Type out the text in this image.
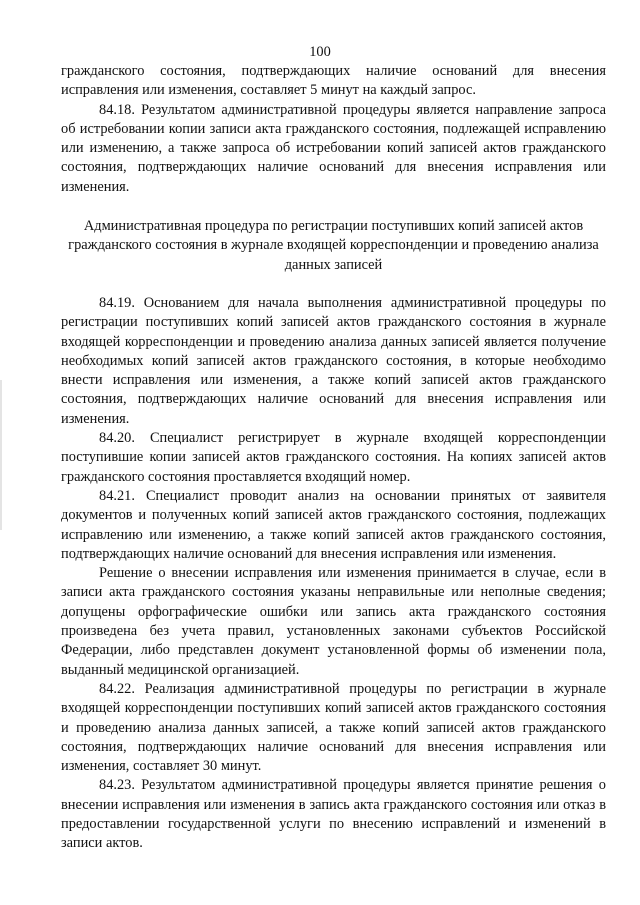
100

гражданского состояния, подтверждающих наличие оснований для внесения исправления или изменения, составляет 5 минут на каждый запрос.

84.18. Результатом административной процедуры является направление запроса об истребовании копии записи акта гражданского состояния, подлежащей исправлению или изменению, а также запроса об истребовании копий записей актов гражданского состояния, подтверждающих наличие оснований для внесения исправления или изменения.

Административная процедура по регистрации поступивших копий записей актов гражданского состояния в журнале входящей корреспонденции и проведению анализа данных записей

84.19. Основанием для начала выполнения административной процедуры по регистрации поступивших копий записей актов гражданского состояния в журнале входящей корреспонденции и проведению анализа данных записей является получение необходимых копий записей актов гражданского состояния, в которые необходимо внести исправления или изменения, а также копий записей актов гражданского состояния, подтверждающих наличие оснований для внесения исправления или изменения.

84.20. Специалист регистрирует в журнале входящей корреспонденции поступившие копии записей актов гражданского состояния. На копиях записей актов гражданского состояния проставляется входящий номер.

84.21. Специалист проводит анализ на основании принятых от заявителя документов и полученных копий записей актов гражданского состояния, подлежащих исправлению или изменению, а также копий записей актов гражданского состояния, подтверждающих наличие оснований для внесения исправления или изменения.

Решение о внесении исправления или изменения принимается в случае, если в записи акта гражданского состояния указаны неправильные или неполные сведения; допущены орфографические ошибки или запись акта гражданского состояния произведена без учета правил, установленных законами субъектов Российской Федерации, либо представлен документ установленной формы об изменении пола, выданный медицинской организацией.

84.22. Реализация административной процедуры по регистрации в журнале входящей корреспонденции поступивших копий записей актов гражданского состояния и проведению анализа данных записей, а также копий записей актов гражданского состояния, подтверждающих наличие оснований для внесения исправления или изменения, составляет 30 минут.

84.23. Результатом административной процедуры является принятие решения о внесении исправления или изменения в запись акта гражданского состояния или отказ в предоставлении государственной услуги по внесению исправлений и изменений в записи актов.
